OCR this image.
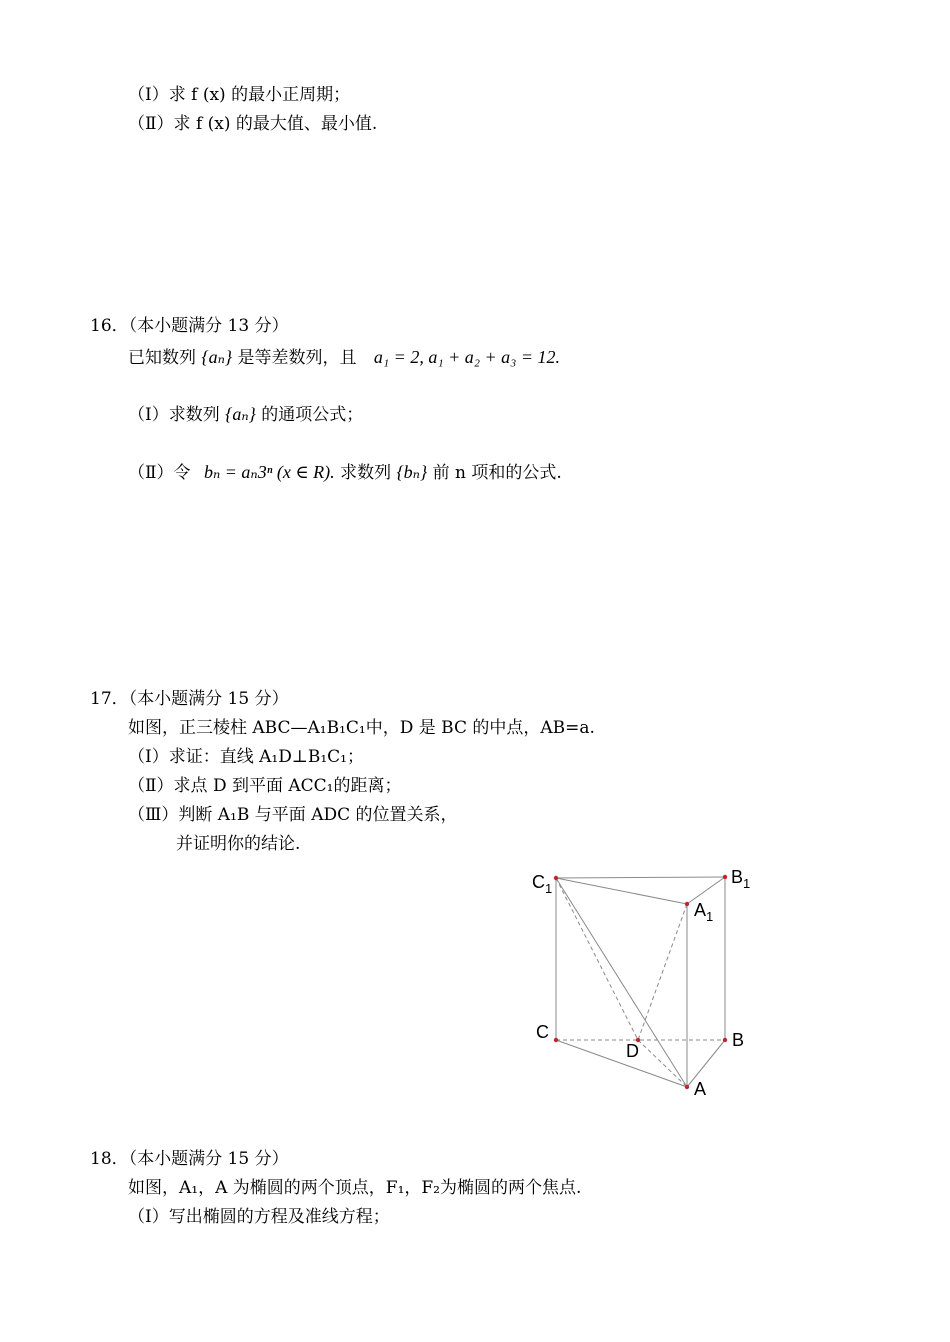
（Ⅰ）求 f (x) 的最小正周期；
（Ⅱ）求 f (x) 的最大值、最小值.
16．（本小题满分 13 分）
已知数列 {aₙ} 是等差数列，且 a₁ = 2, a₁ + a₂ + a₃ = 12.
（Ⅰ）求数列 {aₙ} 的通项公式；
（Ⅱ）令 bₙ = aₙ3ⁿ (x ∈ R). 求数列 {bₙ} 前 n 项和的公式.
17．（本小题满分 15 分）
如图，正三棱柱 ABC—A₁B₁C₁中，D 是 BC 的中点，AB=a.
（Ⅰ）求证：直线 A₁D⊥B₁C₁；
（Ⅱ）求点 D 到平面 ACC₁的距离；
（Ⅲ）判断 A₁B 与平面 ADC 的位置关系，
并证明你的结论.
$C_1$
$B_1$
$A_1$
C
D
B
A
18．（本小题满分 15 分）
如图，A₁，A 为椭圆的两个顶点，F₁，F₂为椭圆的两个焦点.
（Ⅰ）写出椭圆的方程及准线方程；
